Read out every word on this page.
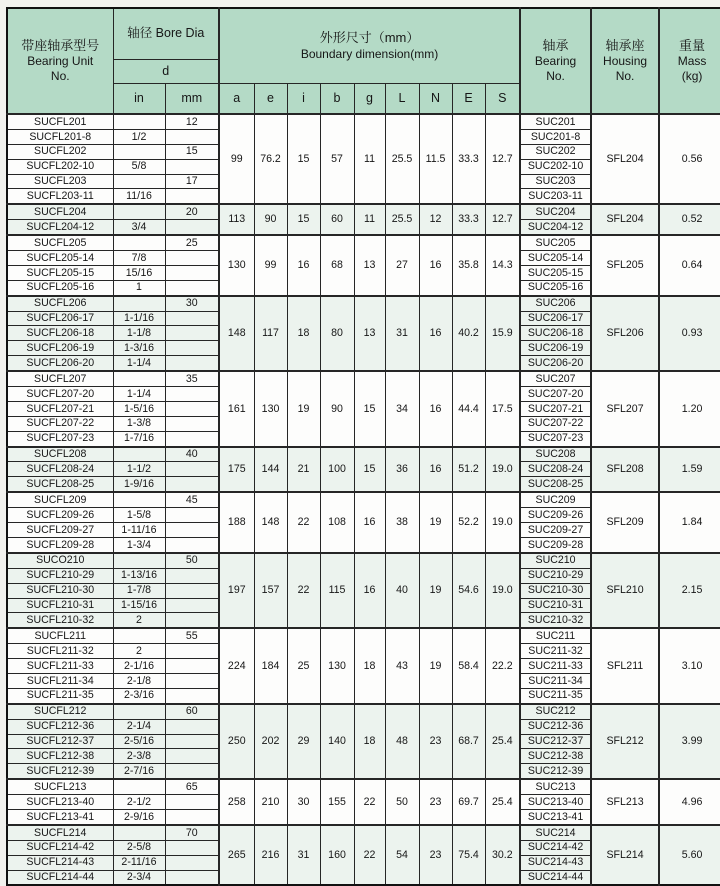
带座轴承型号
Bearing Unit
No.
	轴径 Bore Dia	外形尺寸（mm）
Boundary dimension(mm)

轴承
Bearing
No.

轴承座
Housing
No.

重量
Mass
(kg)

	d													
	in	mm	a	e	i	b	g	L	N	E	S			
SUCFL201		12	99	76.2	15	57	11	25.5	11.5	33.3	12.7	SUC201	SFL204	0.56
SUCFL201-8	1/2											SUC201-8		
SUCFL202		15										SUC202		
SUCFL202-10	5/8											SUC202-10		
SUCFL203		17										SUC203		
SUCFL203-11	11/16											SUC203-11		
SUCFL204		20	113	90	15	60	11	25.5	12	33.3	12.7	SUC204	SFL204	0.52
SUCFL204-12	3/4											SUC204-12		
SUCFL205		25	130	99	16	68	13	27	16	35.8	14.3	SUC205	SFL205	0.64
SUCFL205-14	7/8											SUC205-14		
SUCFL205-15	15/16											SUC205-15		
SUCFL205-16	1											SUC205-16		
SUCFL206		30	148	117	18	80	13	31	16	40.2	15.9	SUC206	SFL206	0.93
SUCFL206-17	1-1/16											SUC206-17		
SUCFL206-18	1-1/8											SUC206-18		
SUCFL206-19	1-3/16											SUC206-19		
SUCFL206-20	1-1/4											SUC206-20		
SUCFL207		35	161	130	19	90	15	34	16	44.4	17.5	SUC207	SFL207	1.20
SUCFL207-20	1-1/4											SUC207-20		
SUCFL207-21	1-5/16											SUC207-21		
SUCFL207-22	1-3/8											SUC207-22		
SUCFL207-23	1-7/16											SUC207-23		
SUCFL208		40	175	144	21	100	15	36	16	51.2	19.0	SUC208	SFL208	1.59
SUCFL208-24	1-1/2											SUC208-24		
SUCFL208-25	1-9/16											SUC208-25		
SUCFL209		45	188	148	22	108	16	38	19	52.2	19.0	SUC209	SFL209	1.84
SUCFL209-26	1-5/8											SUC209-26		
SUCFL209-27	1-11/16											SUC209-27		
SUCFL209-28	1-3/4											SUC209-28		
SUCO210		50	197	157	22	115	16	40	19	54.6	19.0	SUC210	SFL210	2.15
SUCFL210-29	1-13/16											SUC210-29		
SUCFL210-30	1-7/8											SUC210-30		
SUCFL210-31	1-15/16											SUC210-31		
SUCFL210-32	2											SUC210-32		
SUCFL211		55	224	184	25	130	18	43	19	58.4	22.2	SUC211	SFL211	3.10
SUCFL211-32	2											SUC211-32		
SUCFL211-33	2-1/16											SUC211-33		
SUCFL211-34	2-1/8											SUC211-34		
SUCFL211-35	2-3/16											SUC211-35		
SUCFL212		60	250	202	29	140	18	48	23	68.7	25.4	SUC212	SFL212	3.99
SUCFL212-36	2-1/4											SUC212-36		
SUCFL212-37	2-5/16											SUC212-37		
SUCFL212-38	2-3/8											SUC212-38		
SUCFL212-39	2-7/16											SUC212-39		
SUCFL213		65	258	210	30	155	22	50	23	69.7	25.4	SUC213	SFL213	4.96
SUCFL213-40	2-1/2											SUC213-40		
SUCFL213-41	2-9/16											SUC213-41		
SUCFL214		70	265	216	31	160	22	54	23	75.4	30.2	SUC214	SFL214	5.60
SUCFL214-42	2-5/8											SUC214-42		
SUCFL214-43	2-11/16											SUC214-43		
SUCFL214-44	2-3/4											SUC214-44		
